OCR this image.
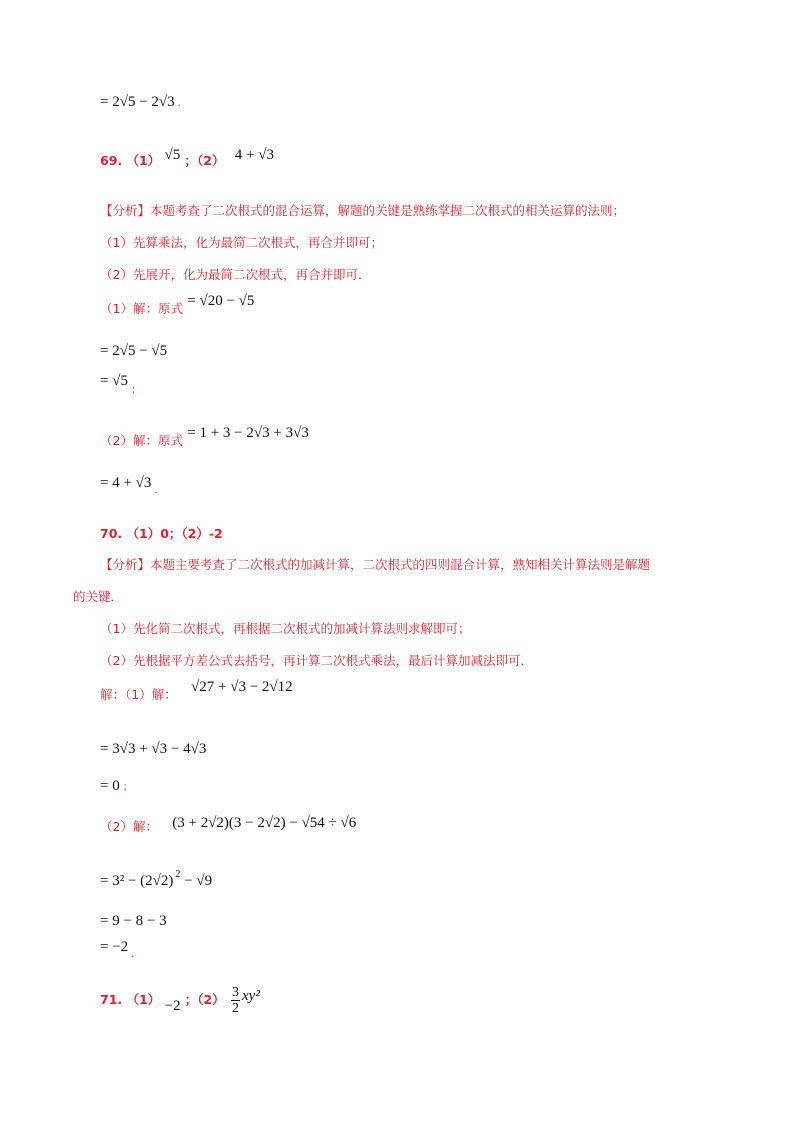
= 2√5 − 2√3 .
69. （1） √5 ；（2） 4 + √3
【分析】本题考查了二次根式的混合运算，解题的关键是熟练掌握二次根式的相关运算的法则；
（1）先算乘法，化为最简二次根式，再合并即可；
（2）先展开，化为最简二次根式，再合并即可．
（1）解：原式 = √20 − √5
= 2√5 − √5
= $√5_;$
（2）解：原式 = 1 + 3 − 2√3 + 3√3
= 4 + √3 $_.$
70. （1）0；（2）-2
【分析】本题主要考查了二次根式的加减计算，二次根式的四则混合计算，熟知相关计算法则是解题
的关键．
（1）先化简二次根式，再根据二次根式的加减计算法则求解即可；
（2）先根据平方差公式去括号，再计算二次根式乘法，最后计算加减法即可．
解：（1）解： √27 + √3 − 2√12
= 3√3 + √3 − 4√3
= 0 ；
（2）解： (3 + 2√2)(3 − 2√2) − √54 ÷ √6
= 3² − (2√2) $^2$ − √9
= 9 − 8 − 3
= −2 $_.$
71. （1） −2 ；$(2) \frac{3}{2} xy^2$
